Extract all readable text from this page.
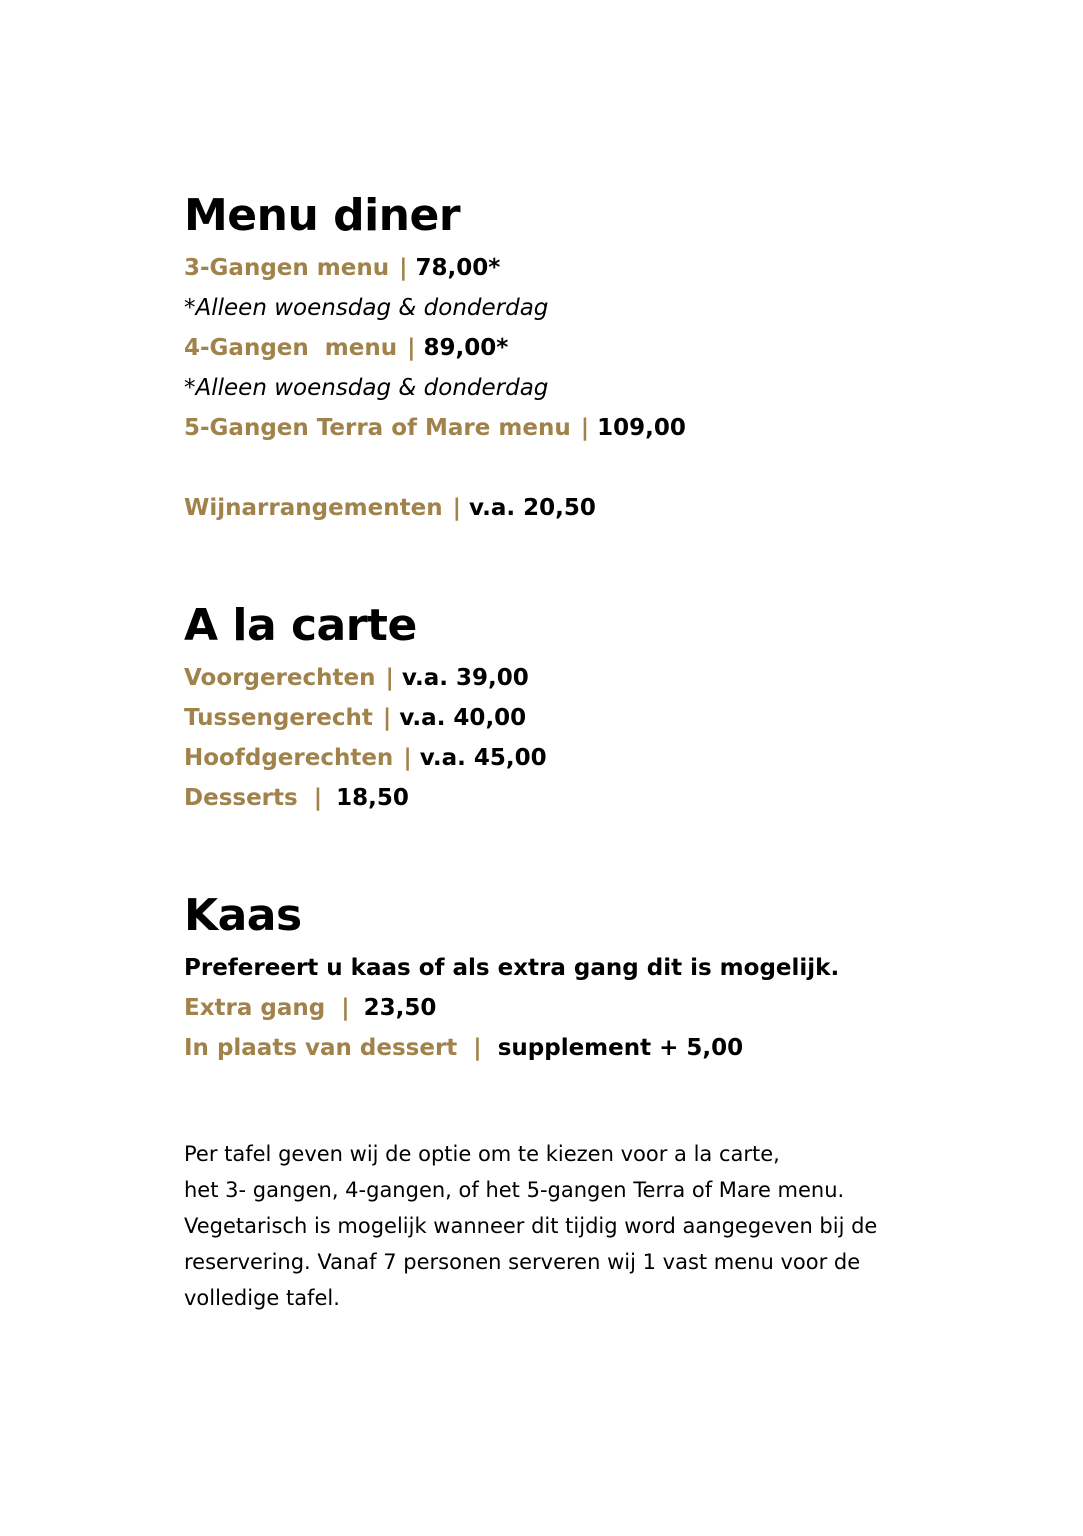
Menu diner
3-Gangen menu | 78,00*
*Alleen woensdag & donderdag
4-Gangen  menu | 89,00*
*Alleen woensdag & donderdag
5-Gangen Terra of Mare menu | 109,00
Wijnarrangementen | v.a. 20,50
A la carte
Voorgerechten | v.a. 39,00
Tussengerecht | v.a. 40,00
Hoofdgerechten | v.a. 45,00
Desserts | 18,50
Kaas
Prefereert u kaas of als extra gang dit is mogelijk.
Extra gang | 23,50
In plaats van dessert | supplement + 5,00
Per tafel geven wij de optie om te kiezen voor a la carte,
het 3- gangen, 4-gangen, of het 5-gangen Terra of Mare menu.
Vegetarisch is mogelijk wanneer dit tijdig word aangegeven bij de
reservering. Vanaf 7 personen serveren wij 1 vast menu voor de
volledige tafel.
